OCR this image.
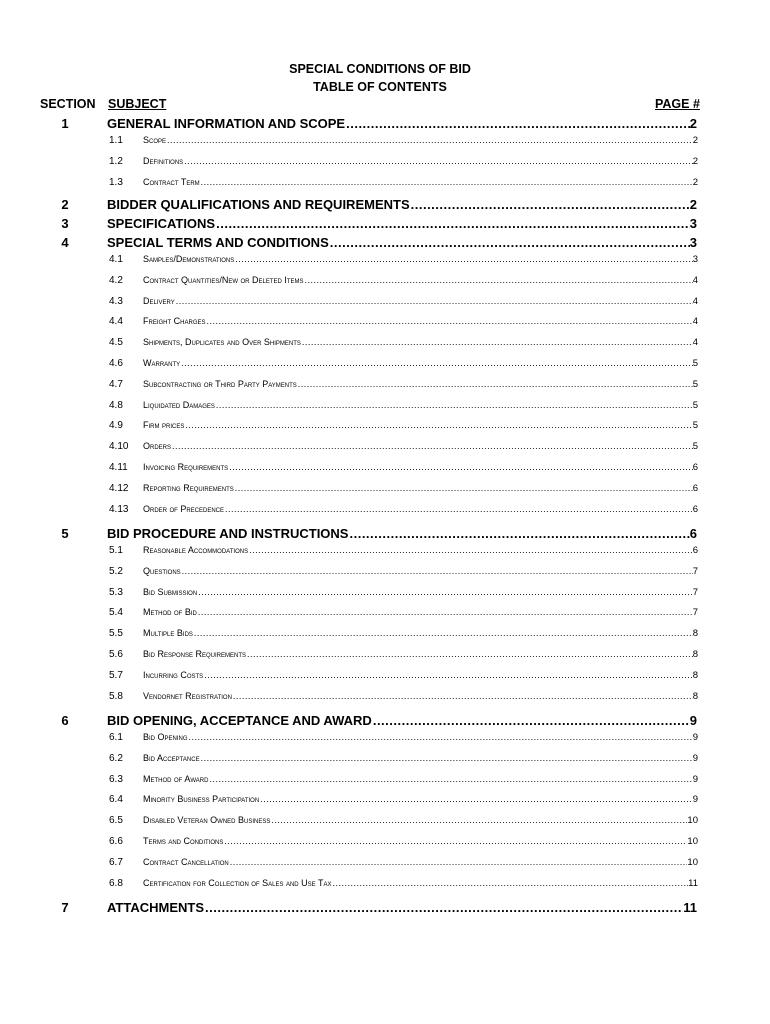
SPECIAL CONDITIONS OF BID
TABLE OF CONTENTS
SECTION SUBJECT	PAGE #
1	GENERAL INFORMATION AND SCOPE .....	2
1.1	Scope .....	2
1.2	Definitions .....	2
1.3	Contract Term .....	2
2	BIDDER QUALIFICATIONS AND REQUIREMENTS .....	2
3	SPECIFICATIONS .....	3
4	SPECIAL TERMS AND CONDITIONS .....	3
4.1	Samples/Demonstrations .....	3
4.2	Contract Quantities/New or Deleted Items .....	4
4.3	Delivery .....	4
4.4	Freight Charges .....	4
4.5	Shipments, Duplicates and Over Shipments .....	4
4.6	Warranty .....	5
4.7	Subcontracting or Third Party Payments .....	5
4.8	Liquidated Damages .....	5
4.9	Firm prices .....	5
4.10	Orders .....	5
4.11	Invoicing Requirements .....	6
4.12	Reporting Requirements .....	6
4.13	Order of Precedence .....	6
5	BID PROCEDURE AND INSTRUCTIONS .....	6
5.1	Reasonable Accommodations .....	6
5.2	Questions .....	7
5.3	Bid Submission .....	7
5.4	Method of Bid .....	7
5.5	Multiple Bids .....	8
5.6	Bid Response Requirements .....	8
5.7	Incurring Costs .....	8
5.8	Vendornet Registration .....	8
6	BID OPENING, ACCEPTANCE AND AWARD .....	9
6.1	Bid Opening .....	9
6.2	Bid Acceptance .....	9
6.3	Method of Award .....	9
6.4	Minority Business Participation .....	9
6.5	Disabled Veteran Owned Business .....	10
6.6	Terms and Conditions .....	10
6.7	Contract Cancellation .....	10
6.8	Certification for Collection of Sales and Use Tax .....	11
7	ATTACHMENTS .....	11
